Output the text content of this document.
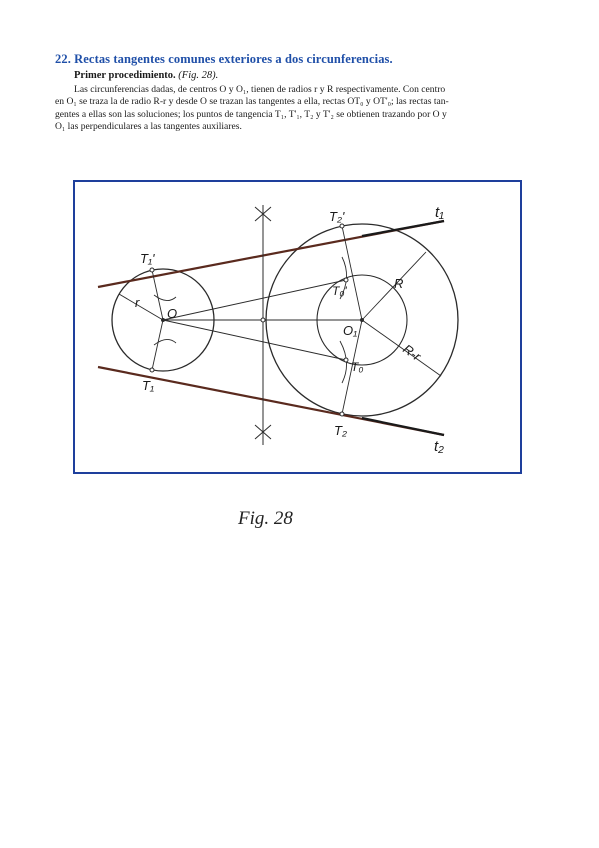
22. Rectas tangentes comunes exteriores a dos circunferencias.
Primer procedimiento. (Fig. 28).
Las circunferencias dadas, de centros O y O₁, tienen de radios r y R respectivamente. Con centro
en O₁ se traza la de radio R-r y desde O se trazan las tangentes a ella, rectas OT₀ y OT'₀; las rectas tan-
gentes a ellas son las soluciones; los puntos de tangencia T₁, T'₁, T₂ y T'₂ se obtienen trazando por O y
O₁ las perpendiculares a las tangentes auxiliares.
t₁
t₂
T₁'
T₁
T₂'
T₂
T₀'
T₀
O
O₁
r
R
R-r
Fig. 28
